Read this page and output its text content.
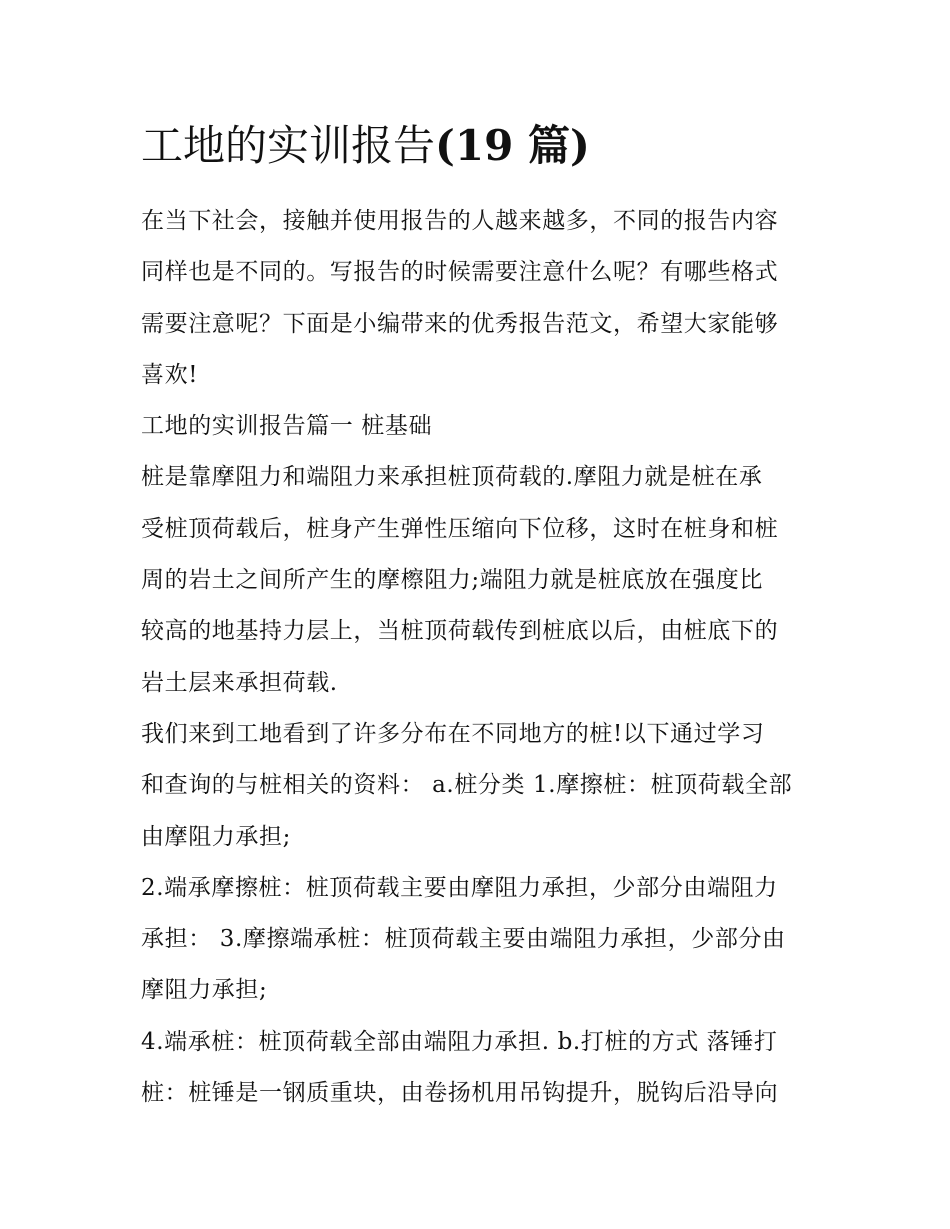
工地的实训报告(19 篇)
在当下社会，接触并使用报告的人越来越多，不同的报告内容
同样也是不同的。写报告的时候需要注意什么呢？有哪些格式
需要注意呢？下面是小编带来的优秀报告范文，希望大家能够
喜欢!
工地的实训报告篇一 桩基础
桩是靠摩阻力和端阻力来承担桩顶荷载的.摩阻力就是桩在承
受桩顶荷载后，桩身产生弹性压缩向下位移，这时在桩身和桩
周的岩土之间所产生的摩檫阻力;端阻力就是桩底放在强度比
较高的地基持力层上，当桩顶荷载传到桩底以后，由桩底下的
岩土层来承担荷载.
我们来到工地看到了许多分布在不同地方的桩!以下通过学习
和查询的与桩相关的资料： a.桩分类 1.摩擦桩：桩顶荷载全部
由摩阻力承担;
2.端承摩擦桩：桩顶荷载主要由摩阻力承担，少部分由端阻力
承担： 3.摩擦端承桩：桩顶荷载主要由端阻力承担，少部分由
摩阻力承担;
4.端承桩：桩顶荷载全部由端阻力承担. b.打桩的方式 落锤打
桩：桩锤是一钢质重块，由卷扬机用吊钩提升，脱钩后沿导向
